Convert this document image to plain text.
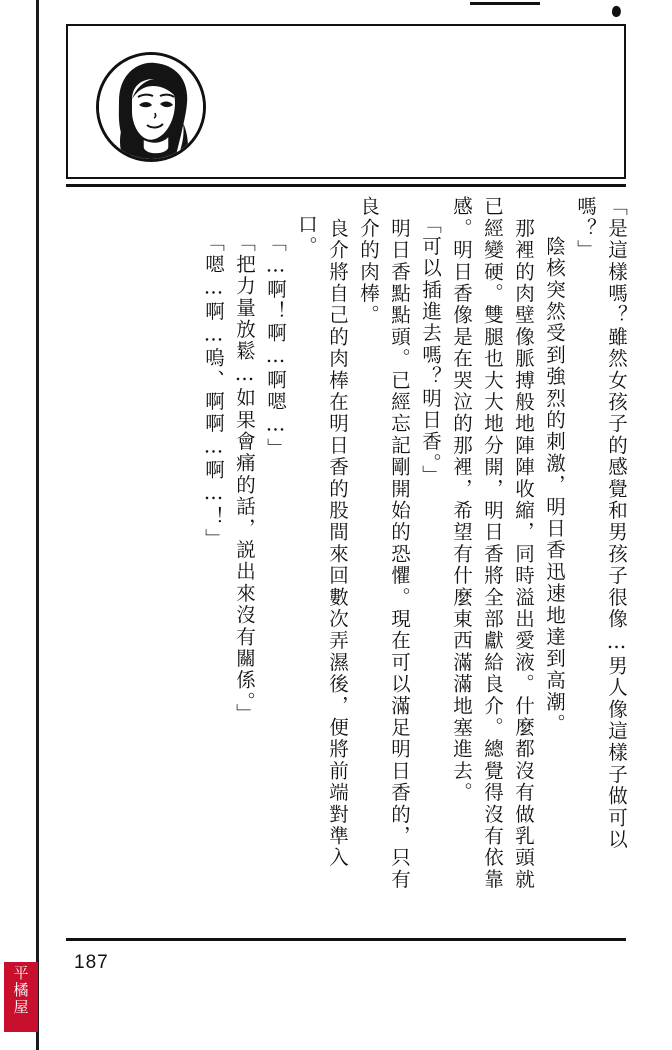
「是這樣嗎？雖然女孩子的感覺和男孩子很像…男人像這樣子做可以
嗎？」
　陰核突然受到強烈的刺激，明日香迅速地達到高潮。
　那裡的肉壁像脈搏般地陣陣收縮，同時溢出愛液。什麼都沒有做乳頭就
已經變硬。雙腿也大大地分開，明日香將全部獻給良介。總覺得沒有依靠
感。明日香像是在哭泣的那裡，希望有什麼東西滿滿地塞進去。
「可以插進去嗎？明日香。」
　明日香點點頭。已經忘記剛開始的恐懼。現在可以滿足明日香的，只有
良介的肉棒。
　良介將自己的肉棒在明日香的股間來回數次弄濕後，便將前端對準入
口。
「…啊！啊…啊嗯…」
「把力量放鬆…如果會痛的話，説出來沒有關係。」
「嗯…啊…嗚、啊啊…啊…！」
187
平
橘
屋
